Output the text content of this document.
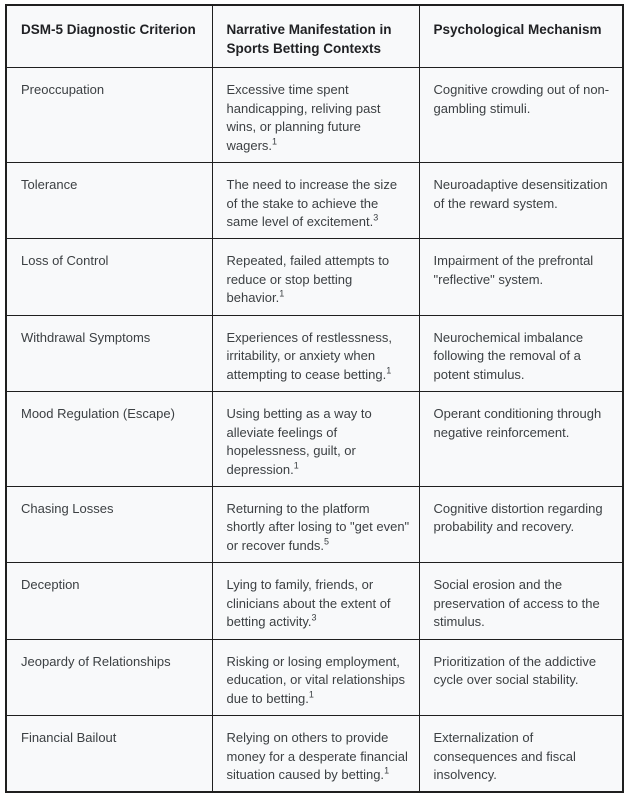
DSM-5 Diagnostic Criterion	Narrative Manifestation in Sports Betting Contexts	Psychological Mechanism
Preoccupation	Excessive time spent handicapping, reliving past wins, or planning future wagers.$^1$	Cognitive crowding out of non-gambling stimuli.
Tolerance	The need to increase the size of the stake to achieve the same level of excitement.$^3$	Neuroadaptive desensitization of the reward system.
Loss of Control	Repeated, failed attempts to reduce or stop betting behavior.$^1$	Impairment of the prefrontal "reflective" system.
Withdrawal Symptoms	Experiences of restlessness, irritability, or anxiety when attempting to cease betting.$^1$	Neurochemical imbalance following the removal of a potent stimulus.
Mood Regulation (Escape)	Using betting as a way to alleviate feelings of hopelessness, guilt, or depression.$^1$	Operant conditioning through negative reinforcement.
Chasing Losses	Returning to the platform shortly after losing to "get even" or recover funds.$^5$	Cognitive distortion regarding probability and recovery.
Deception	Lying to family, friends, or clinicians about the extent of betting activity.$^3$	Social erosion and the preservation of access to the stimulus.
Jeopardy of Relationships	Risking or losing employment, education, or vital relationships due to betting.$^1$	Prioritization of the addictive cycle over social stability.
Financial Bailout	Relying on others to provide money for a desperate financial situation caused by betting.$^1$	Externalization of consequences and fiscal insolvency.
